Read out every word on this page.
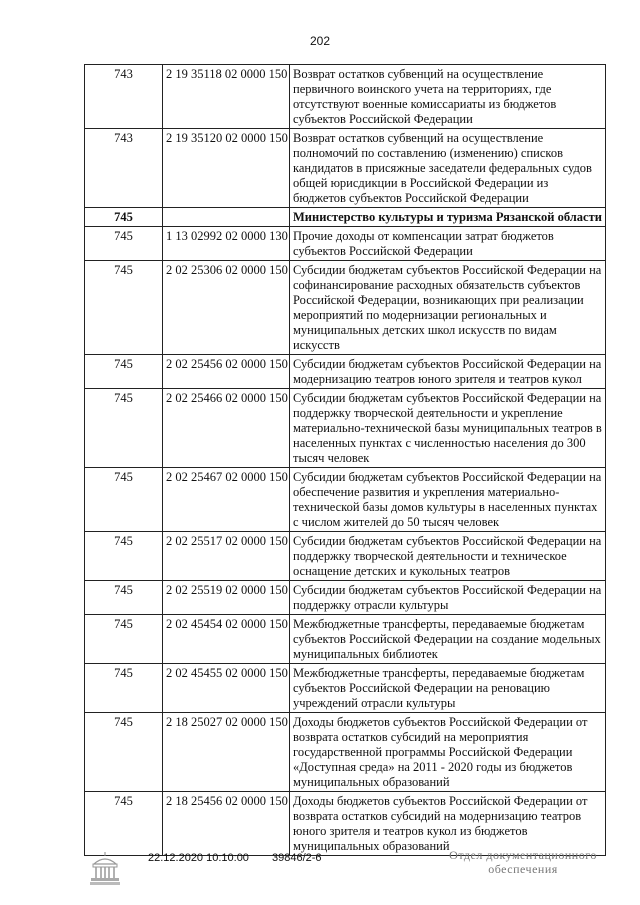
202
743	2 19 35118 02 0000 150	Возврат остатков субвенций на осуществление первичного воинского учета на территориях, где отсутствуют военные комиссариаты из бюджетов субъектов Российской Федерации
743	2 19 35120 02 0000 150	Возврат остатков субвенций на осуществление полномочий по составлению (изменению) списков кандидатов в присяжные заседатели федеральных судов общей юрисдикции в Российской Федерации из бюджетов субъектов Российской Федерации
745		Министерство культуры и туризма Рязанской области
745	1 13 02992 02 0000 130	Прочие доходы от компенсации затрат бюджетов субъектов Российской Федерации
745	2 02 25306 02 0000 150	Субсидии бюджетам субъектов Российской Федерации на софинансирование расходных обязательств субъектов Российской Федерации, возникающих при реализации мероприятий по модернизации региональных и муниципальных детских школ искусств по видам искусств
745	2 02 25456 02 0000 150	Субсидии бюджетам субъектов Российской Федерации на модернизацию театров юного зрителя и театров кукол
745	2 02 25466 02 0000 150	Субсидии бюджетам субъектов Российской Федерации на поддержку творческой деятельности и укрепление материально-технической базы муниципальных театров в населенных пунктах с численностью населения до 300 тысяч человек
745	2 02 25467 02 0000 150	Субсидии бюджетам субъектов Российской Федерации на обеспечение развития и укрепления материально-технической базы домов культуры в населенных пунктах с числом жителей до 50 тысяч человек
745	2 02 25517 02 0000 150	Субсидии бюджетам субъектов Российской Федерации на поддержку творческой деятельности и техническое оснащение детских и кукольных театров
745	2 02 25519 02 0000 150	Субсидии бюджетам субъектов Российской Федерации на поддержку отрасли культуры
745	2 02 45454 02 0000 150	Межбюджетные трансферты, передаваемые бюджетам субъектов Российской Федерации на создание модельных муниципальных библиотек
745	2 02 45455 02 0000 150	Межбюджетные трансферты, передаваемые бюджетам субъектов Российской Федерации на реновацию учреждений отрасли культуры
745	2 18 25027 02 0000 150	Доходы бюджетов субъектов Российской Федерации от возврата остатков субсидий на мероприятия государственной программы Российской Федерации «Доступная среда» на 2011 - 2020 годы из бюджетов муниципальных образований
745	2 18 25456 02 0000 150	Доходы бюджетов субъектов Российской Федерации от возврата остатков субсидий на модернизацию театров юного зрителя и театров кукол из бюджетов муниципальных образований
22.12.2020 10:10:00 39846/2-6	Отдел документационного
обеспечения
